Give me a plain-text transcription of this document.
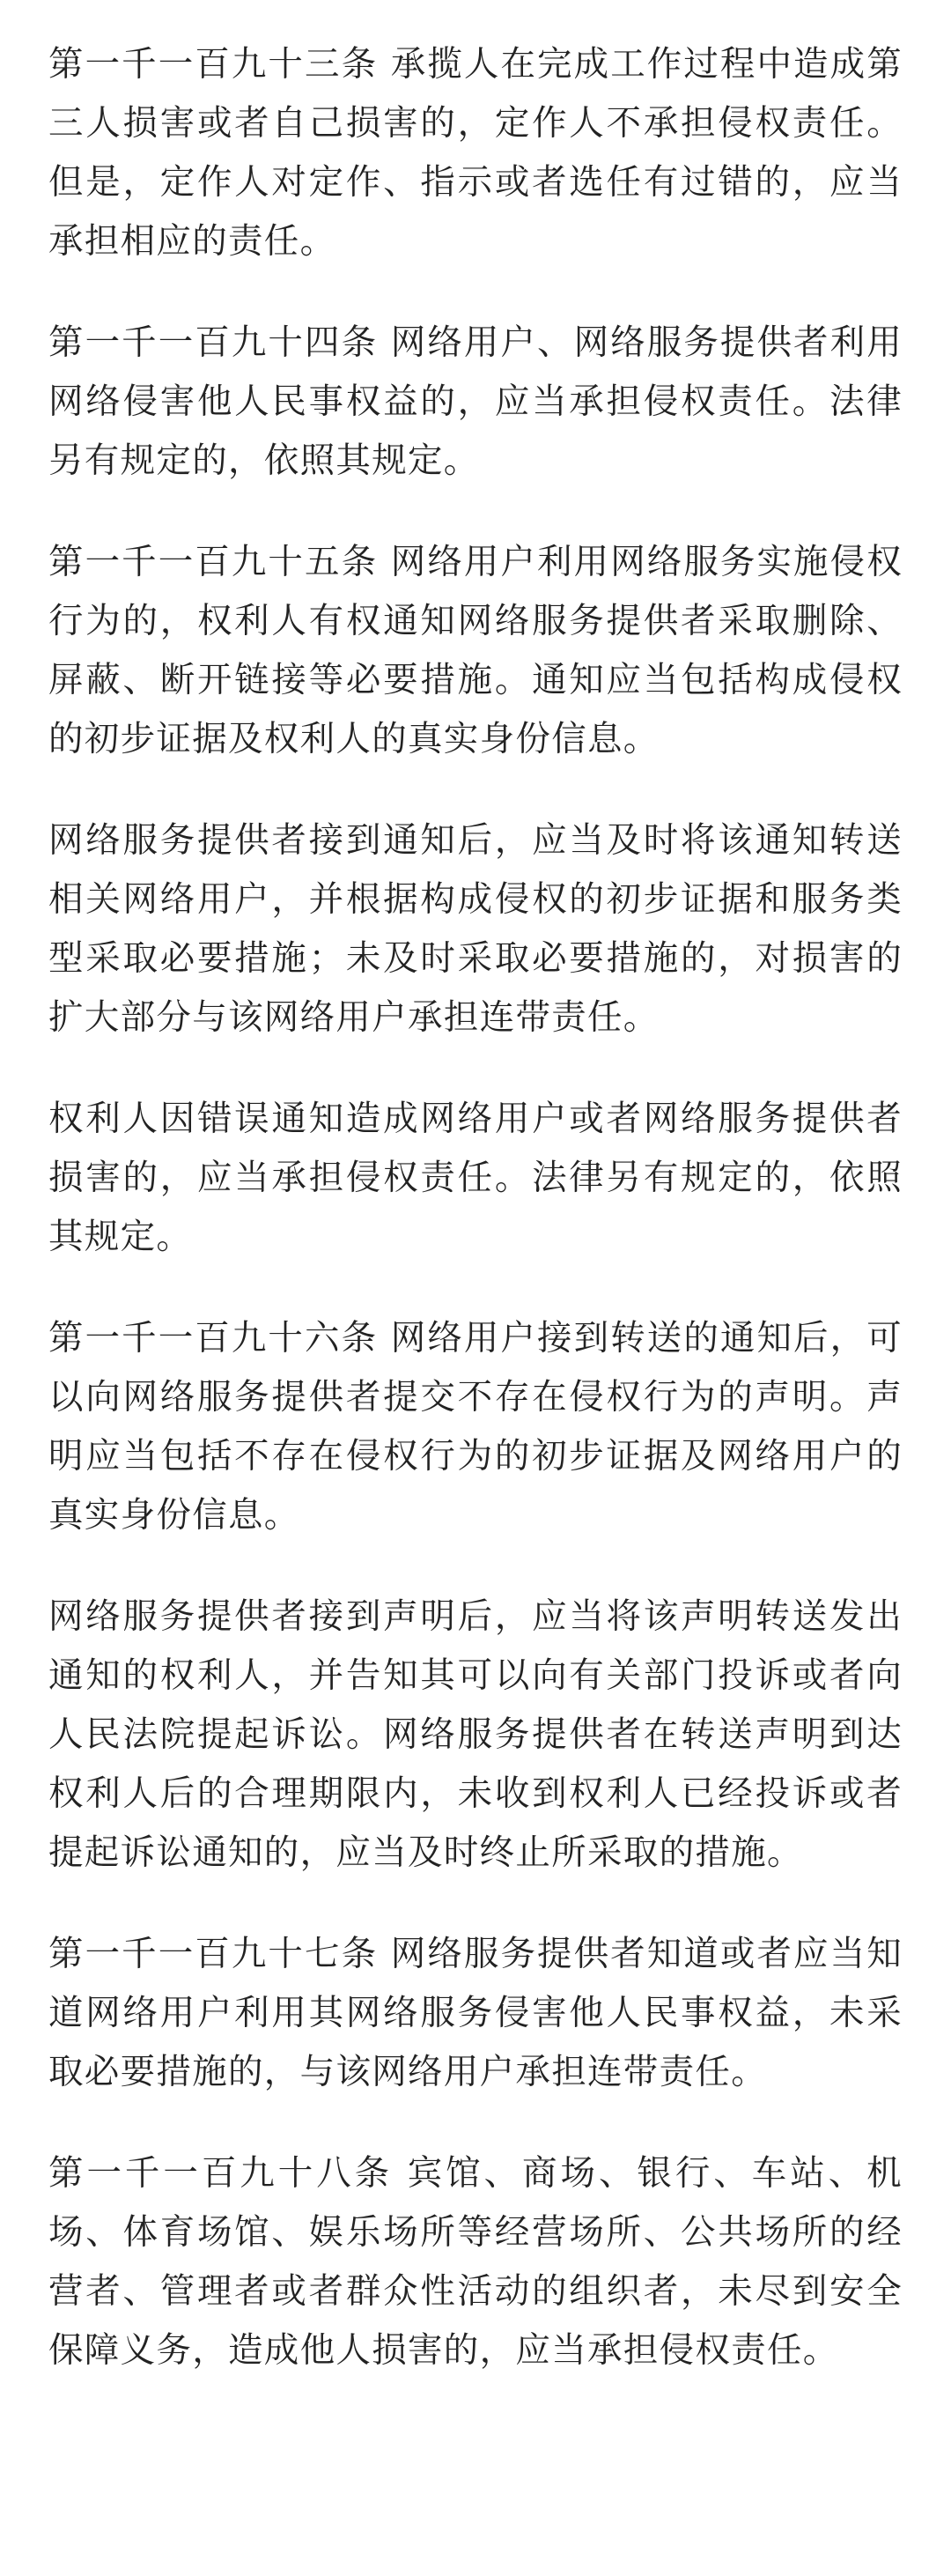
第一千一百九十三条 承揽人在完成工作过程中造成第三人损害或者自己损害的，定作人不承担侵权责任。但是，定作人对定作、指示或者选任有过错的，应当承担相应的责任。

第一千一百九十四条 网络用户、网络服务提供者利用网络侵害他人民事权益的，应当承担侵权责任。法律另有规定的，依照其规定。

第一千一百九十五条 网络用户利用网络服务实施侵权行为的，权利人有权通知网络服务提供者采取删除、屏蔽、断开链接等必要措施。通知应当包括构成侵权的初步证据及权利人的真实身份信息。

网络服务提供者接到通知后，应当及时将该通知转送相关网络用户，并根据构成侵权的初步证据和服务类型采取必要措施；未及时采取必要措施的，对损害的扩大部分与该网络用户承担连带责任。

权利人因错误通知造成网络用户或者网络服务提供者损害的，应当承担侵权责任。法律另有规定的，依照其规定。

第一千一百九十六条 网络用户接到转送的通知后，可以向网络服务提供者提交不存在侵权行为的声明。声明应当包括不存在侵权行为的初步证据及网络用户的真实身份信息。

网络服务提供者接到声明后，应当将该声明转送发出通知的权利人，并告知其可以向有关部门投诉或者向人民法院提起诉讼。网络服务提供者在转送声明到达权利人后的合理期限内，未收到权利人已经投诉或者提起诉讼通知的，应当及时终止所采取的措施。

第一千一百九十七条 网络服务提供者知道或者应当知道网络用户利用其网络服务侵害他人民事权益，未采取必要措施的，与该网络用户承担连带责任。

第一千一百九十八条 宾馆、商场、银行、车站、机场、体育场馆、娱乐场所等经营场所、公共场所的经营者、管理者或者群众性活动的组织者，未尽到安全保障义务，造成他人损害的，应当承担侵权责任。
